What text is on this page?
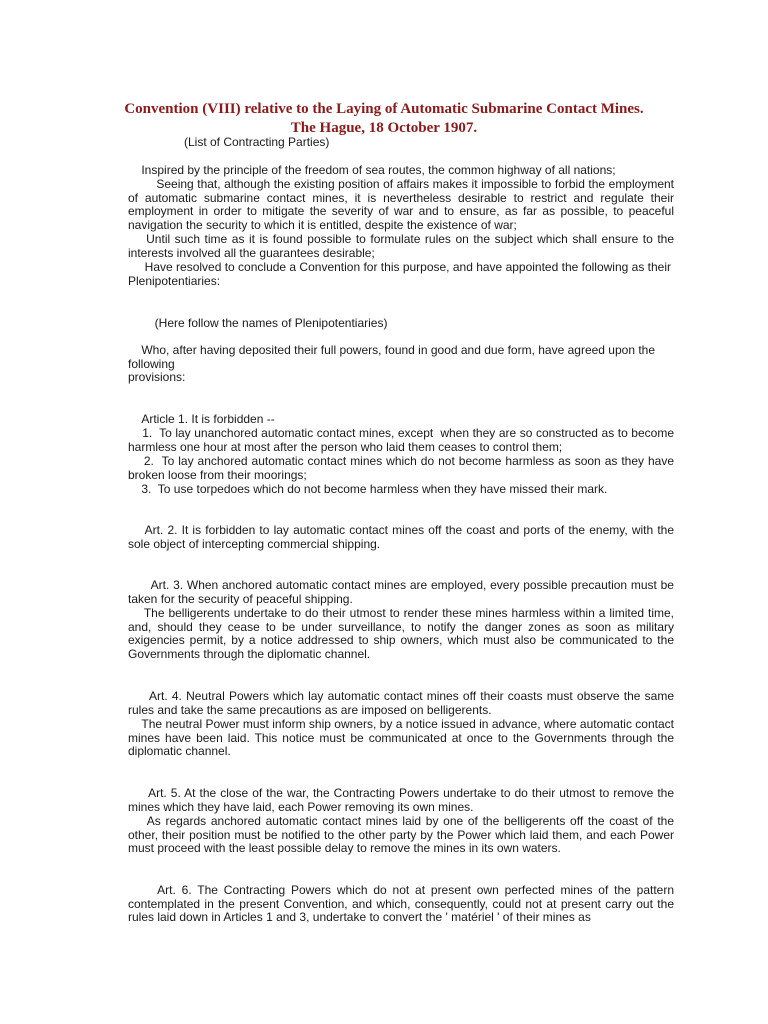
Convention (VIII) relative to the Laying of Automatic Submarine Contact Mines.
The Hague, 18 October 1907.
(List of Contracting Parties)
Inspired by the principle of the freedom of sea routes, the common highway of all nations;
Seeing that, although the existing position of affairs makes it impossible to forbid the employment of automatic submarine contact mines, it is nevertheless desirable to restrict and regulate their employment in order to mitigate the severity of war and to ensure, as far as possible, to peaceful navigation the security to which it is entitled, despite the existence of war;
Until such time as it is found possible to formulate rules on the subject which shall ensure to the interests involved all the guarantees desirable;
Have resolved to conclude a Convention for this purpose, and have appointed the following as their
Plenipotentiaries:
(Here follow the names of Plenipotentiaries)
Who, after having deposited their full powers, found in good and due form, have agreed upon the following
provisions:
Article 1. It is forbidden --
1.  To lay unanchored automatic contact mines, except  when they are so constructed as to become harmless one hour at most after the person who laid them ceases to control them;
2.  To lay anchored automatic contact mines which do not become harmless as soon as they have broken loose from their moorings;
3.  To use torpedoes which do not become harmless when they have missed their mark.
Art. 2. It is forbidden to lay automatic contact mines off the coast and ports of the enemy, with the sole object of intercepting commercial shipping.
Art. 3. When anchored automatic contact mines are employed, every possible precaution must be taken for the security of peaceful shipping.
The belligerents undertake to do their utmost to render these mines harmless within a limited time, and, should they cease to be under surveillance, to notify the danger zones as soon as military exigencies permit, by a notice addressed to ship owners, which must also be communicated to the Governments through the diplomatic channel.
Art. 4. Neutral Powers which lay automatic contact mines off their coasts must observe the same rules and take the same precautions as are imposed on belligerents.
The neutral Power must inform ship owners, by a notice issued in advance, where automatic contact mines have been laid. This notice must be communicated at once to the Governments through the diplomatic channel.
Art. 5. At the close of the war, the Contracting Powers undertake to do their utmost to remove the mines which they have laid, each Power removing its own mines.
As regards anchored automatic contact mines laid by one of the belligerents off the coast of the other, their position must be notified to the other party by the Power which laid them, and each Power must proceed with the least possible delay to remove the mines in its own waters.
Art. 6. The Contracting Powers which do not at present own perfected mines of the pattern contemplated in the present Convention, and which, consequently, could not at present carry out the rules laid down in Articles 1 and 3, undertake to convert the ' matériel ' of their mines as
